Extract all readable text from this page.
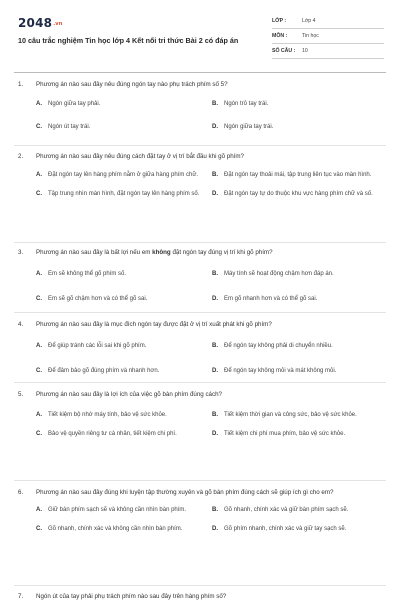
2048.vn
10 câu trắc nghiệm Tin học lớp 4 Kết nối tri thức Bài 2 có đáp án
LỚP :	Lớp 4
MÔN :	Tin học
SỐ CÂU :	10
1.	Phương án nào sau đây nêu đúng ngón tay nào phụ trách phím số 5?
A.	Ngón giữa tay phải.	B.	Ngón trỏ tay trái.
C.	Ngón út tay trái.	D.	Ngón giữa tay trái.
2.	Phương án nào sau đây nêu đúng cách đặt tay ở vị trí bắt đầu khi gõ phím?
A.	Đặt ngón tay lên hàng phím nằm ở giữa hàng phím chữ.	B.	Đặt ngón tay thoải mái, tập trung liên tục vào màn hình.
C.	Tập trung nhìn màn hình, đặt ngón tay lên hàng phím số.	D.	Đặt ngón tay tự do thuộc khu vực hàng phím chữ và số.
3.	Phương án nào sau đây là bất lợi nếu em không đặt ngón tay đúng vị trí khi gõ phím?
A.	Em sẽ không thể gõ phím số.	B.	Máy tính sẽ hoạt động chậm hơn đáp án.
C.	Em sẽ gõ chậm hơn và có thể gõ sai.	D.	Em gõ nhanh hơn và có thể gõ sai.
4.	Phương án nào sau đây là mục đích ngón tay được đặt ở vị trí xuất phát khi gõ phím?
A.	Để giúp tránh các lỗi sai khi gõ phím.	B.	Để ngón tay không phải di chuyển nhiều.
C.	Để đảm bảo gõ đúng phím và nhanh hơn.	D.	Để ngón tay không mỏi và mát không mỏi.
5.	Phương án nào sau đây là lợi ích của việc gõ bàn phím đúng cách?
A.	Tiết kiệm bộ nhớ máy tính, bảo vệ sức khỏe.	B.	Tiết kiệm thời gian và công sức, bảo vệ sức khỏe.
C.	Bảo vệ quyền riêng tư cá nhân, tiết kiệm chi phí.	D.	Tiết kiệm chi phí mua phím, bảo vệ sức khỏe.
6.	Phương án nào sau đây đúng khi luyện tập thường xuyên và gõ bàn phím đúng cách sẽ giúp ích gì cho em?
A.	Giữ bàn phím sạch sẽ và không cần nhìn bàn phím.	B.	Gõ nhanh, chính xác và giữ bàn phím sạch sẽ.
C.	Gõ nhanh, chính xác và không cần nhìn bàn phím.	D.	Gõ phím nhanh, chính xác và giữ tay sạch sẽ.
7.	Ngón út của tay phải phụ trách phím nào sau đây trên hàng phím số?
